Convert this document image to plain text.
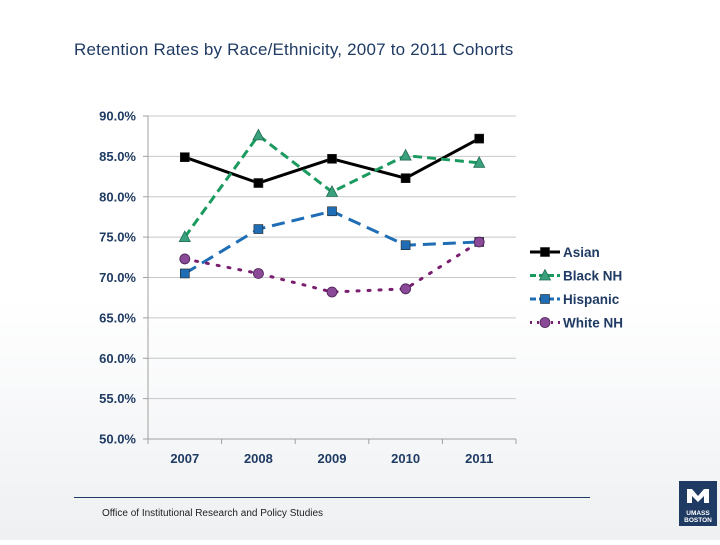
Retention Rates by Race/Ethnicity, 2007 to 2011 Cohorts
90.0%
85.0%
80.0%
75.0%
70.0%
65.0%
60.0%
55.0%
50.0%
2007	2008	2009	2010	2011
Asian
Black NH
Hispanic
White NH
Office of Institutional Research and Policy Studies	UMASS
BOSTON
